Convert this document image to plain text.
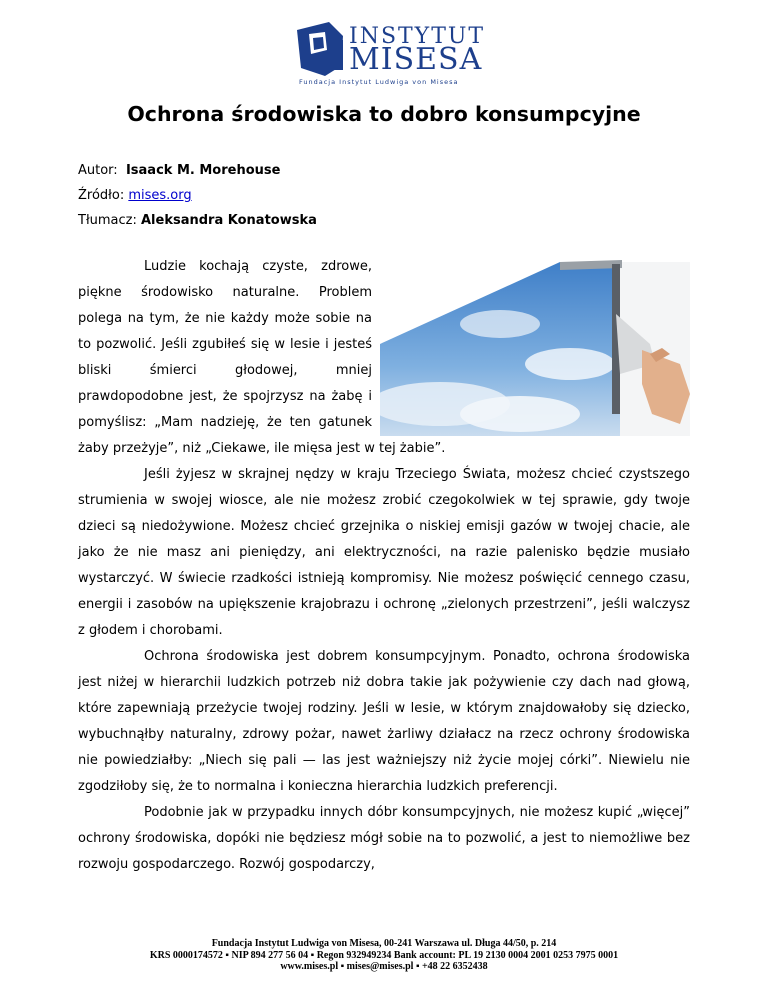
INSTYTUT
MISESA
Fundacja Instytut Ludwiga von Misesa
Ochrona środowiska to dobro konsumpcyjne
Autor: Isaack M. Morehouse
Źródło: mises.org
Tłumacz: Aleksandra Konatowska

Ludzie kochają czyste, zdrowe, piękne środowisko naturalne. Problem polega na tym, że nie każdy może sobie na to pozwolić. Jeśli zgubiłeś się w lesie i jesteś bliski śmierci głodowej, mniej prawdopodobne jest, że spojrzysz na żabę i pomyślisz: „Mam nadzieję, że ten gatunek żaby przeżyje”, niż „Ciekawe, ile mięsa jest w tej żabie”.

Jeśli żyjesz w skrajnej nędzy w kraju Trzeciego Świata, możesz chcieć czystszego strumienia w swojej wiosce, ale nie możesz zrobić czegokolwiek w tej sprawie, gdy twoje dzieci są niedożywione. Możesz chcieć grzejnika o niskiej emisji gazów w twojej chacie, ale jako że nie masz ani pieniędzy, ani elektryczności, na razie palenisko będzie musiało wystarczyć. W świecie rzadkości istnieją kompromisy. Nie możesz poświęcić cennego czasu, energii i zasobów na upiększenie krajobrazu i ochronę „zielonych przestrzeni”, jeśli walczysz z głodem i chorobami.

Ochrona środowiska jest dobrem konsumpcyjnym. Ponadto, ochrona środowiska jest niżej w hierarchii ludzkich potrzeb niż dobra takie jak pożywienie czy dach nad głową, które zapewniają przeżycie twojej rodziny. Jeśli w lesie, w którym znajdowałoby się dziecko, wybuchnąłby naturalny, zdrowy pożar, nawet żarliwy działacz na rzecz ochrony środowiska nie powiedziałby: „Niech się pali — las jest ważniejszy niż życie mojej córki”. Niewielu nie zgodziłoby się, że to normalna i konieczna hierarchia ludzkich preferencji.

Podobnie jak w przypadku innych dóbr konsumpcyjnych, nie możesz kupić „więcej” ochrony środowiska, dopóki nie będziesz mógł sobie na to pozwolić, a jest to niemożliwe bez rozwoju gospodarczego. Rozwój gospodarczy,

Fundacja Instytut Ludwiga von Misesa, 00-241 Warszawa ul. Długa 44/50, p. 214
KRS 0000174572 ▪ NIP 894 277 56 04 ▪ Regon 932949234 Bank account: PL 19 2130 0004 2001 0253 7975 0001
www.mises.pl ▪ mises@mises.pl ▪ +48 22 6352438
